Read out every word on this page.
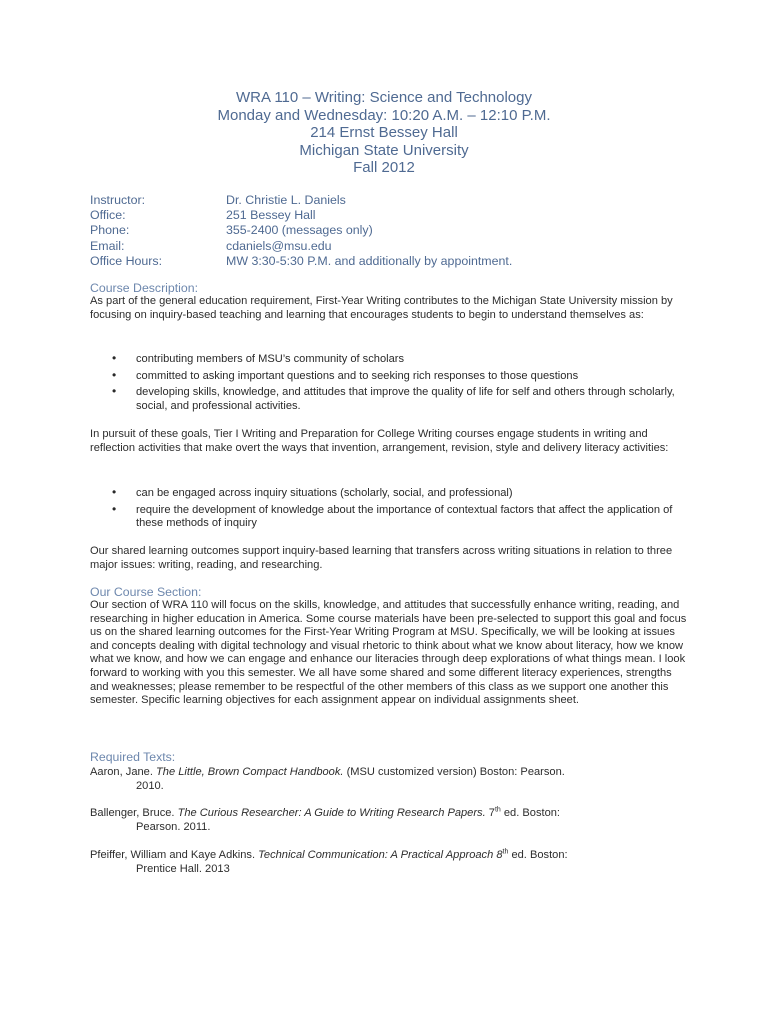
WRA 110 – Writing: Science and Technology
Monday and Wednesday: 10:20 A.M. – 12:10 P.M.
214 Ernst Bessey Hall
Michigan State University
Fall 2012
Instructor:	Dr. Christie L. Daniels
Office:	251 Bessey Hall
Phone:	355-2400 (messages only)
Email:	cdaniels@msu.edu
Office Hours:	MW 3:30-5:30 P.M. and additionally by appointment.
Course Description:
As part of the general education requirement, First-Year Writing contributes to the Michigan State University mission by focusing on inquiry-based teaching and learning that encourages students to begin to understand themselves as:
• contributing members of MSU’s community of scholars
• committed to asking important questions and to seeking rich responses to those questions
• developing skills, knowledge, and attitudes that improve the quality of life for self and others through scholarly, social, and professional activities.
In pursuit of these goals, Tier I Writing and Preparation for College Writing courses engage students in writing and reflection activities that make overt the ways that invention, arrangement, revision, style and delivery literacy activities:
• can be engaged across inquiry situations (scholarly, social, and professional)
• require the development of knowledge about the importance of contextual factors that affect the application of these methods of inquiry
Our shared learning outcomes support inquiry-based learning that transfers across writing situations in relation to three major issues: writing, reading, and researching.
Our Course Section:
Our section of WRA 110 will focus on the skills, knowledge, and attitudes that successfully enhance writing, reading, and researching in higher education in America. Some course materials have been pre-selected to support this goal and focus us on the shared learning outcomes for the First-Year Writing Program at MSU. Specifically, we will be looking at issues and concepts dealing with digital technology and visual rhetoric to think about what we know about literacy, how we know what we know, and how we can engage and enhance our literacies through deep explorations of what things mean. I look forward to working with you this semester. We all have some shared and some different literacy experiences, strengths and weaknesses; please remember to be respectful of the other members of this class as we support one another this semester. Specific learning objectives for each assignment appear on individual assignments sheet.
Required Texts:
Aaron, Jane. The Little, Brown Compact Handbook. (MSU customized version) Boston: Pearson.
2010.
Ballenger, Bruce. The Curious Researcher: A Guide to Writing Research Papers. 7th ed. Boston:
Pearson. 2011.
Pfeiffer, William and Kaye Adkins. Technical Communication: A Practical Approach 8th ed. Boston:
Prentice Hall. 2013
